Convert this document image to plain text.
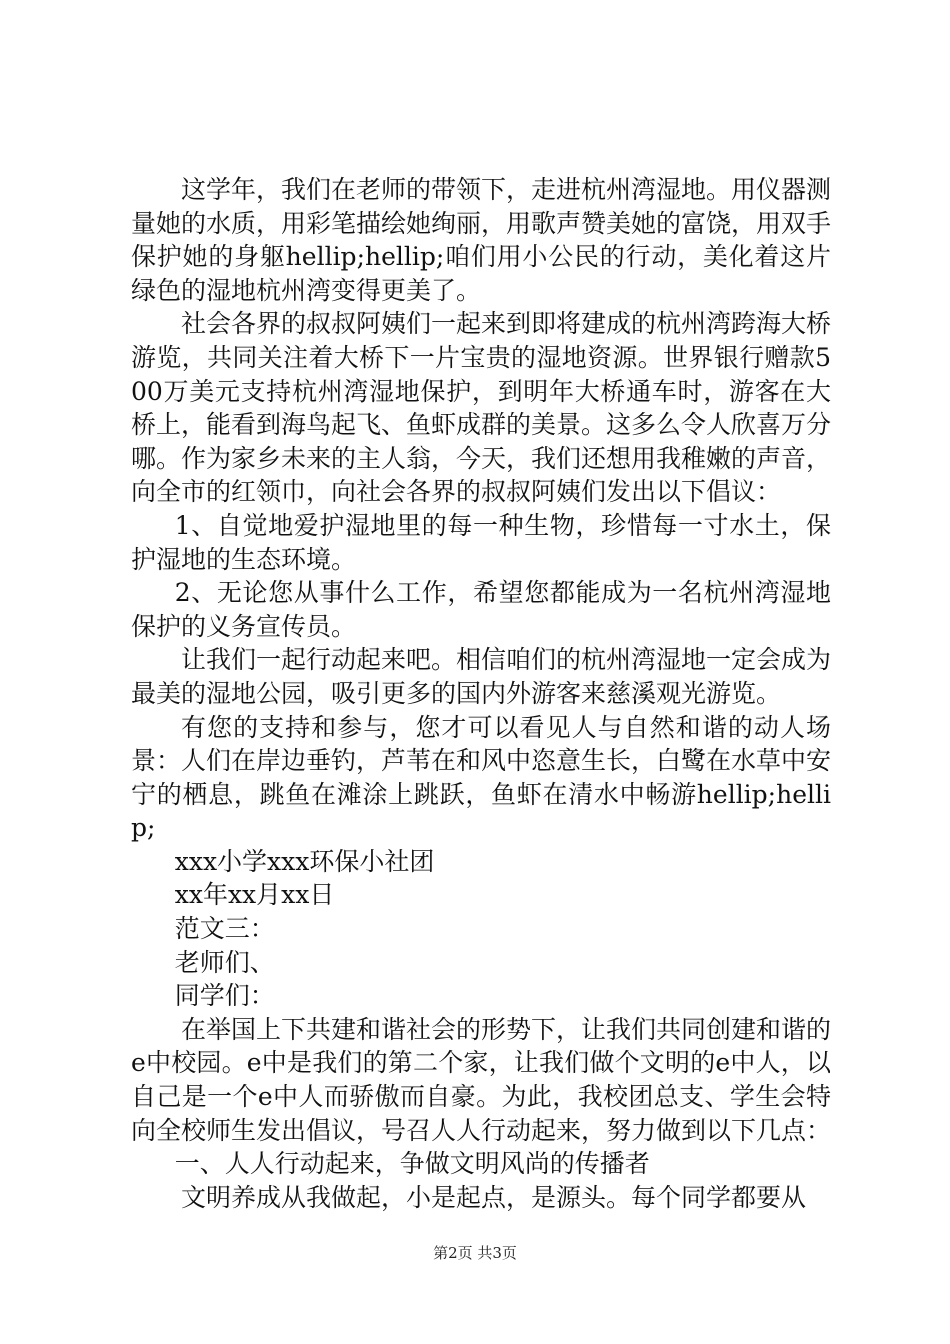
这学年，我们在老师的带领下，走进杭州湾湿地。用仪器测量她的水质，用彩笔描绘她绚丽，用歌声赞美她的富饶，用双手保护她的身躯hellip;hellip;咱们用小公民的行动，美化着这片绿色的湿地杭州湾变得更美了。

社会各界的叔叔阿姨们一起来到即将建成的杭州湾跨海大桥游览，共同关注着大桥下一片宝贵的湿地资源。世界银行赠款500万美元支持杭州湾湿地保护，到明年大桥通车时，游客在大桥上，能看到海鸟起飞、鱼虾成群的美景。这多么令人欣喜万分哪。作为家乡未来的主人翁，今天，我们还想用我稚嫩的声音，向全市的红领巾，向社会各界的叔叔阿姨们发出以下倡议：

1、自觉地爱护湿地里的每一种生物，珍惜每一寸水土，保护湿地的生态环境。

2、无论您从事什么工作，希望您都能成为一名杭州湾湿地保护的义务宣传员。

让我们一起行动起来吧。相信咱们的杭州湾湿地一定会成为最美的湿地公园，吸引更多的国内外游客来慈溪观光游览。

有您的支持和参与，您才可以看见人与自然和谐的动人场景：人们在岸边垂钓，芦苇在和风中恣意生长，白鹭在水草中安宁的栖息，跳鱼在滩涂上跳跃，鱼虾在清水中畅游hellip;hellip;

xxx小学xxx环保小社团

xx年xx月xx日

范文三：

老师们、

同学们：

在举国上下共建和谐社会的形势下，让我们共同创建和谐的e中校园。e中是我们的第二个家，让我们做个文明的e中人，以自己是一个e中人而骄傲而自豪。为此，我校团总支、学生会特向全校师生发出倡议，号召人人行动起来，努力做到以下几点：

一、人人行动起来，争做文明风尚的传播者

文明养成从我做起，小是起点，是源头。每个同学都要从

第2页 共3页
